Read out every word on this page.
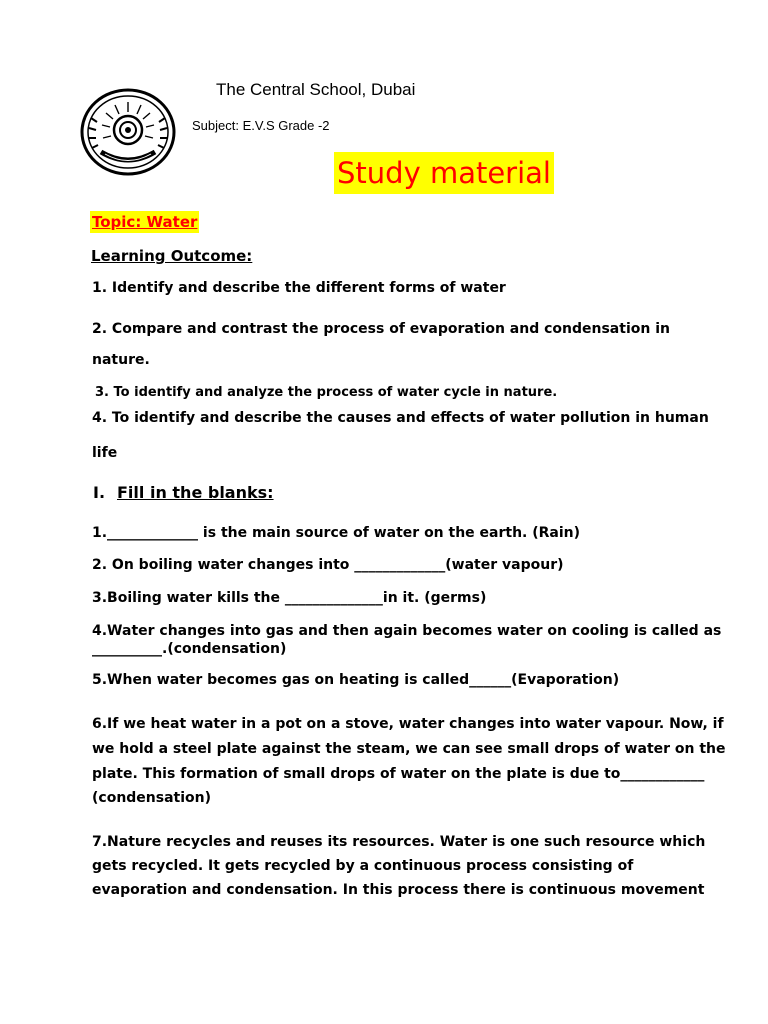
The Central School, Dubai
Subject: E.V.S Grade -2
Study material
Topic: Water
Learning Outcome:
1. Identify and describe the different forms of water
2. Compare and contrast the process of evaporation and condensation in
nature.
3. To identify and analyze the process of water cycle in nature.
4. To identify and describe the causes and effects of water pollution in human
life
I. Fill in the blanks:
1._____________ is the main source of water on the earth. (Rain)
2. On boiling water changes into _____________(water vapour)
3.Boiling water kills the ______________in it. (germs)
4.Water changes into gas and then again becomes water on cooling is called as
__________.(condensation)
5.When water becomes gas on heating is called______(Evaporation)
6.If we heat water in a pot on a stove, water changes into water vapour. Now, if
we hold a steel plate against the steam, we can see small drops of water on the
plate. This formation of small drops of water on the plate is due to____________
(condensation)
7.Nature recycles and reuses its resources. Water is one such resource which
gets recycled. It gets recycled by a continuous process consisting of
evaporation and condensation. In this process there is continuous movement
